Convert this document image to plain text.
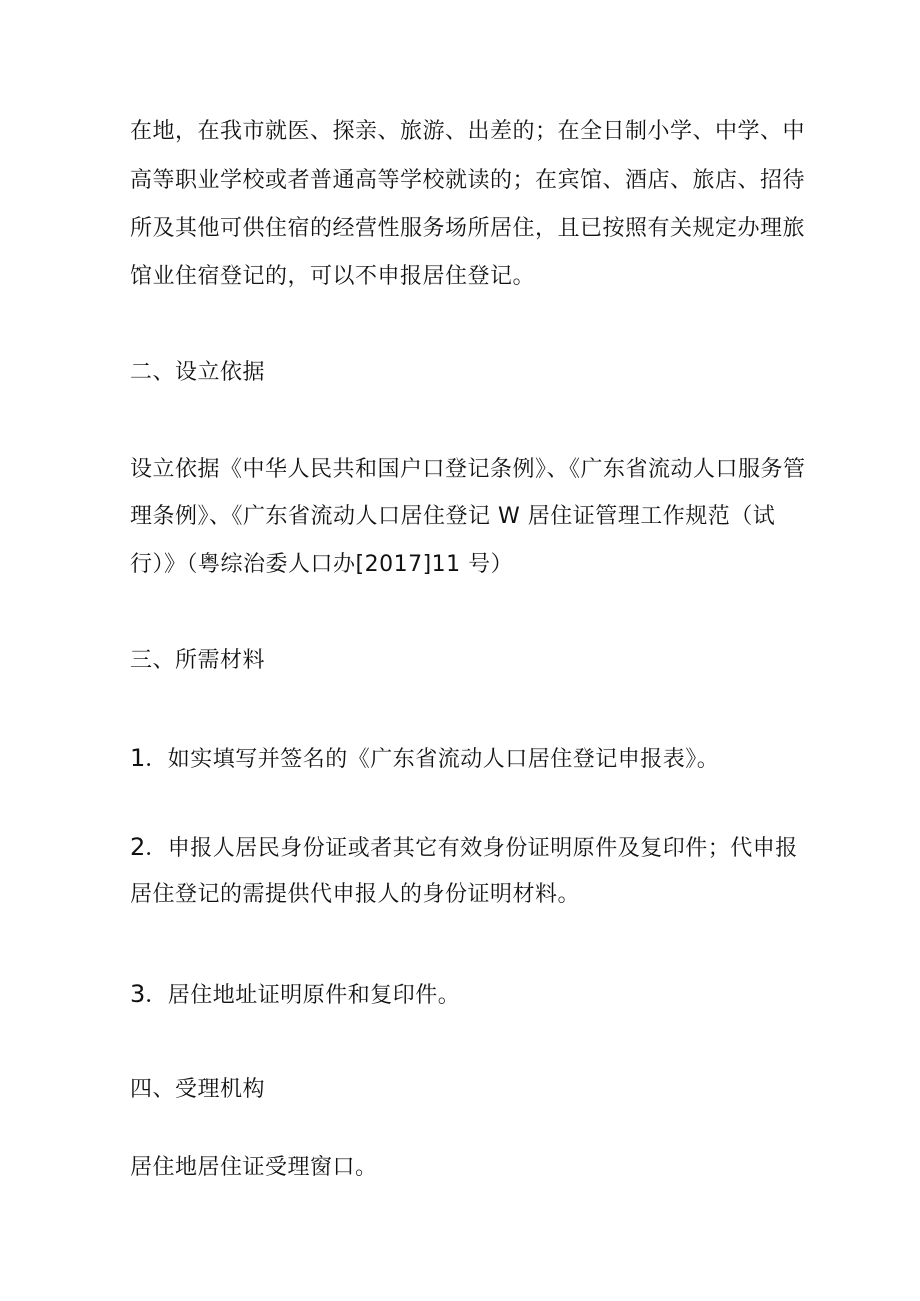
在地，在我市就医、探亲、旅游、出差的；在全日制小学、中学、中
高等职业学校或者普通高等学校就读的；在宾馆、酒店、旅店、招待
所及其他可供住宿的经营性服务场所居住，且已按照有关规定办理旅
馆业住宿登记的，可以不申报居住登记。
二、设立依据
设立依据《中华人民共和国户口登记条例》、《广东省流动人口服务管
理条例》、《广东省流动人口居住登记 W 居住证管理工作规范（试
行）》（粤综治委人口办[2017]11 号）
三、所需材料
1．如实填写并签名的《广东省流动人口居住登记申报表》。
2．申报人居民身份证或者其它有效身份证明原件及复印件；代申报
居住登记的需提供代申报人的身份证明材料。
3．居住地址证明原件和复印件。
四、受理机构
居住地居住证受理窗口。
